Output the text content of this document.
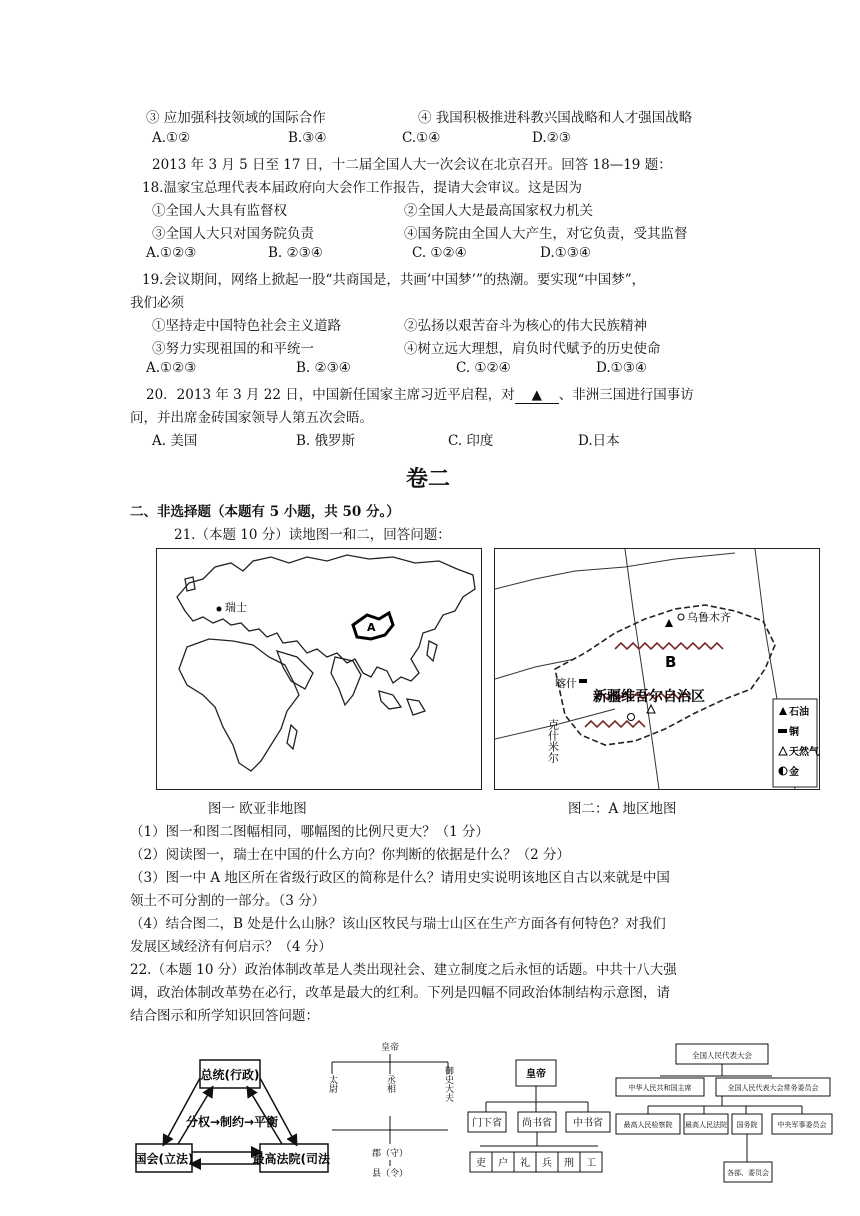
③ 应加强科技领域的国际合作	④ 我国积极推进科教兴国战略和人才强国战略
A.①②	B.③④	C.①④	D.②③
2013 年 3 月 5 日至 17 日，十二届全国人大一次会议在北京召开。回答 18—19 题：
18.温家宝总理代表本届政府向大会作工作报告，提请大会审议。这是因为
①全国人大具有监督权	②全国人大是最高国家权力机关
③全国人大只对国务院负责	④国务院由全国人大产生，对它负责，受其监督
A.①②③	B. ②③④	C. ①②④	D.①③④
19.会议期间，网络上掀起一股“共商国是，共画‘中国梦’”的热潮。要实现“中国梦”，
我们必须
①坚持走中国特色社会主义道路	②弘扬以艰苦奋斗为核心的伟大民族精神
③努力实现祖国的和平统一	④树立远大理想，肩负时代赋予的历史使命
A.①②③	B. ②③④	C. ①②④	D.①③④
20．2013 年 3 月 22 日，中国新任国家主席习近平启程，对 ▲ 、非洲三国进行国事访
问，并出席金砖国家领导人第五次会晤。
A. 美国	B. 俄罗斯	C. 印度	D.日本
卷二
二、非选择题（本题有 5 小题，共 50 分。）
21.（本题 10 分）读地图一和二，回答问题：
瑞士
A
图一 欧亚非地图
乌鲁木齐
B
新疆维吾尔自治区
喀什
克什米尔
石油
铜
天然气
金
图二：A 地区地图
（1）图一和图二图幅相同，哪幅图的比例尺更大？（1 分）
（2）阅读图一，瑞士在中国的什么方向？你判断的依据是什么？（2 分）
（3）图一中 A 地区所在省级行政区的简称是什么？请用史实说明该地区自古以来就是中国
领土不可分割的一部分。（3 分）
（4）结合图二，B 处是什么山脉？该山区牧民与瑞士山区在生产方面各有何特色？对我们
发展区域经济有何启示？（4 分）
22.（本题 10 分）政治体制改革是人类出现社会、建立制度之后永恒的话题。中共十八大强
调，政治体制改革势在必行，改革是最大的红利。下列是四幅不同政治体制结构示意图，请
结合图示和所学知识回答问题：
总统(行政)
国会(立法)	最高法院(司法)
分权→制约→平衡
皇帝
太尉	丞相	御史大夫
郡（守）
县（令）
皇帝
门下省 尚书省 中书省
吏 户 礼 兵 刑 工
全国人民代表大会
中华人民共和国主席	全国人民代表大会常务委员会
最高人民检察院 最高人民法院 国务院	中央军事委员会
各部、委员会
